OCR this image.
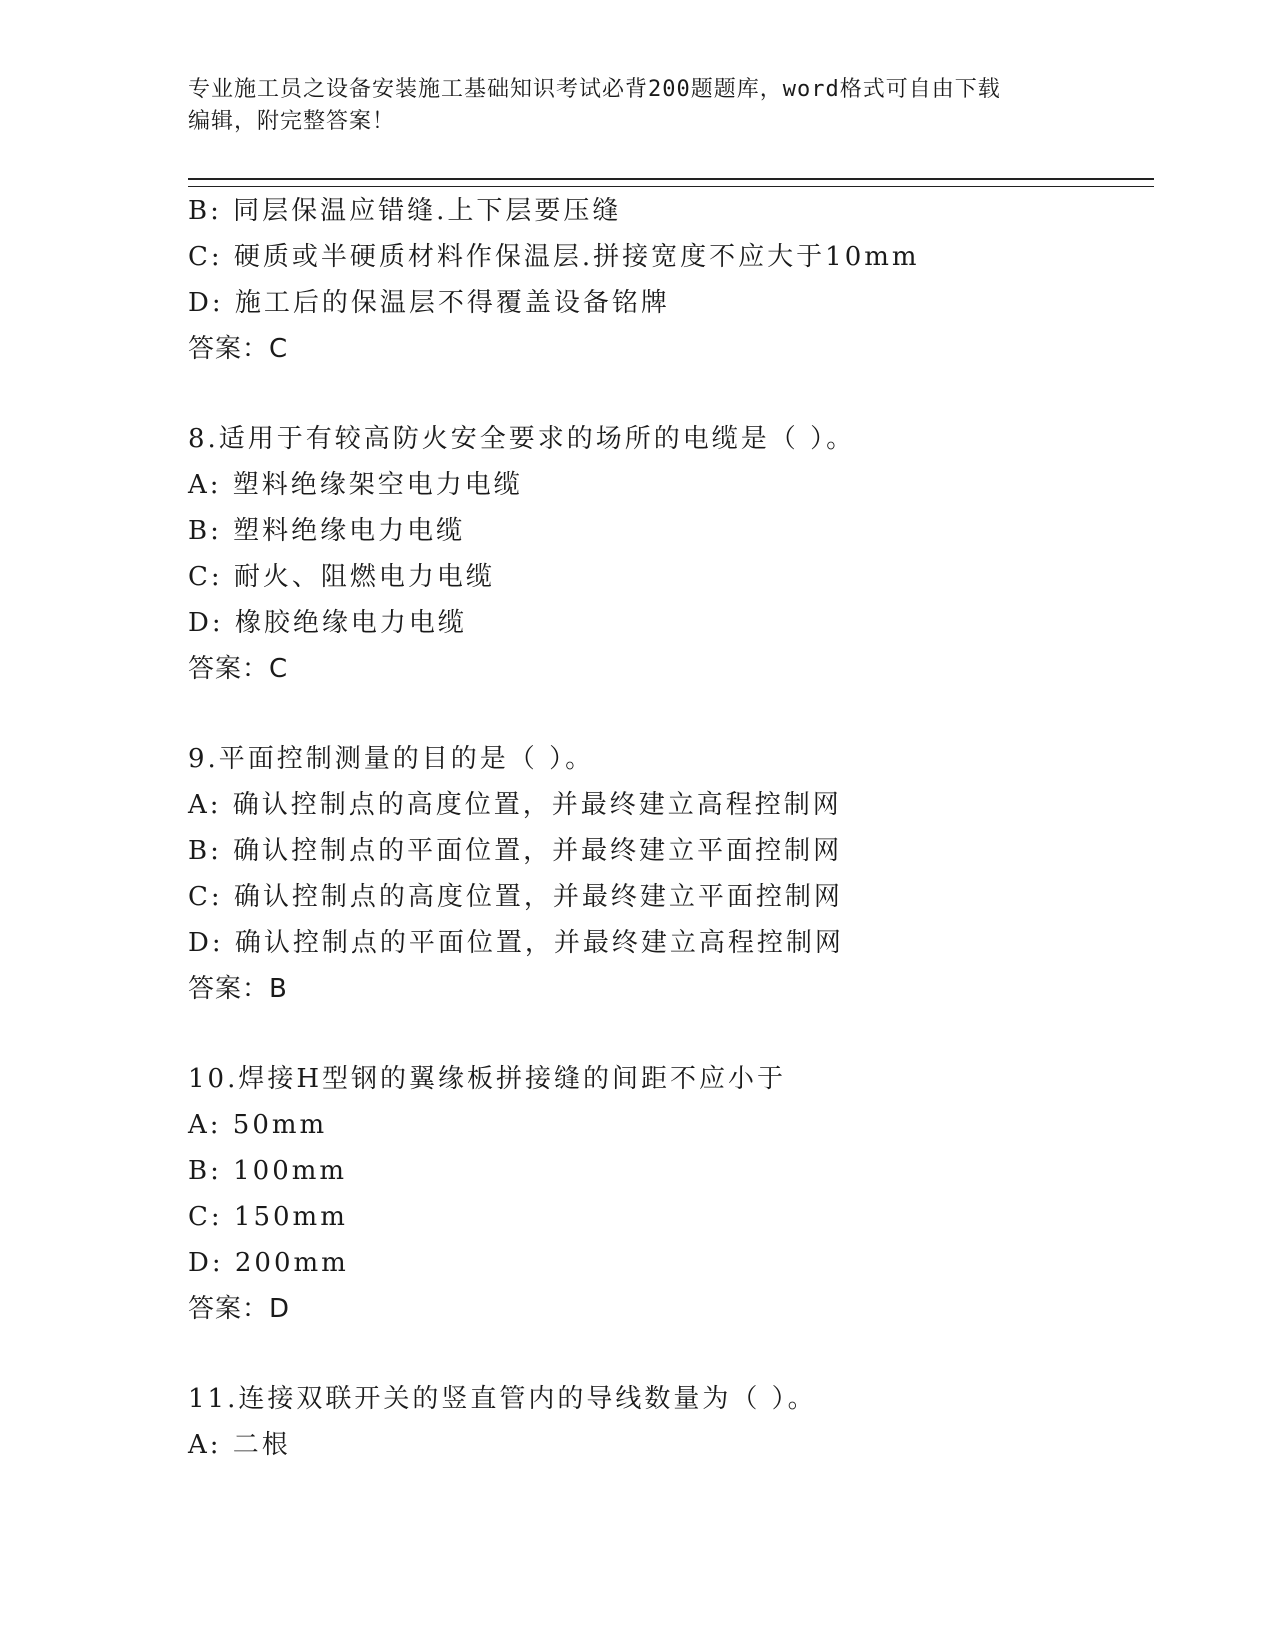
专业施工员之设备安装施工基础知识考试必背200题题库，word格式可自由下载
编辑，附完整答案！
B: 同层保温应错缝.上下层要压缝
C: 硬质或半硬质材料作保温层.拼接宽度不应大于10mm
D: 施工后的保温层不得覆盖设备铭牌
答案：C
8.适用于有较高防火安全要求的场所的电缆是（ ）。
A: 塑料绝缘架空电力电缆
B: 塑料绝缘电力电缆
C: 耐火、阻燃电力电缆
D: 橡胶绝缘电力电缆
答案：C
9.平面控制测量的目的是（ ）。
A: 确认控制点的高度位置，并最终建立高程控制网
B: 确认控制点的平面位置，并最终建立平面控制网
C: 确认控制点的高度位置，并最终建立平面控制网
D: 确认控制点的平面位置，并最终建立高程控制网
答案：B
10.焊接H型钢的翼缘板拼接缝的间距不应小于
A: 50mm
B: 100mm
C: 150mm
D: 200mm
答案：D
11.连接双联开关的竖直管内的导线数量为（ ）。
A: 二根
